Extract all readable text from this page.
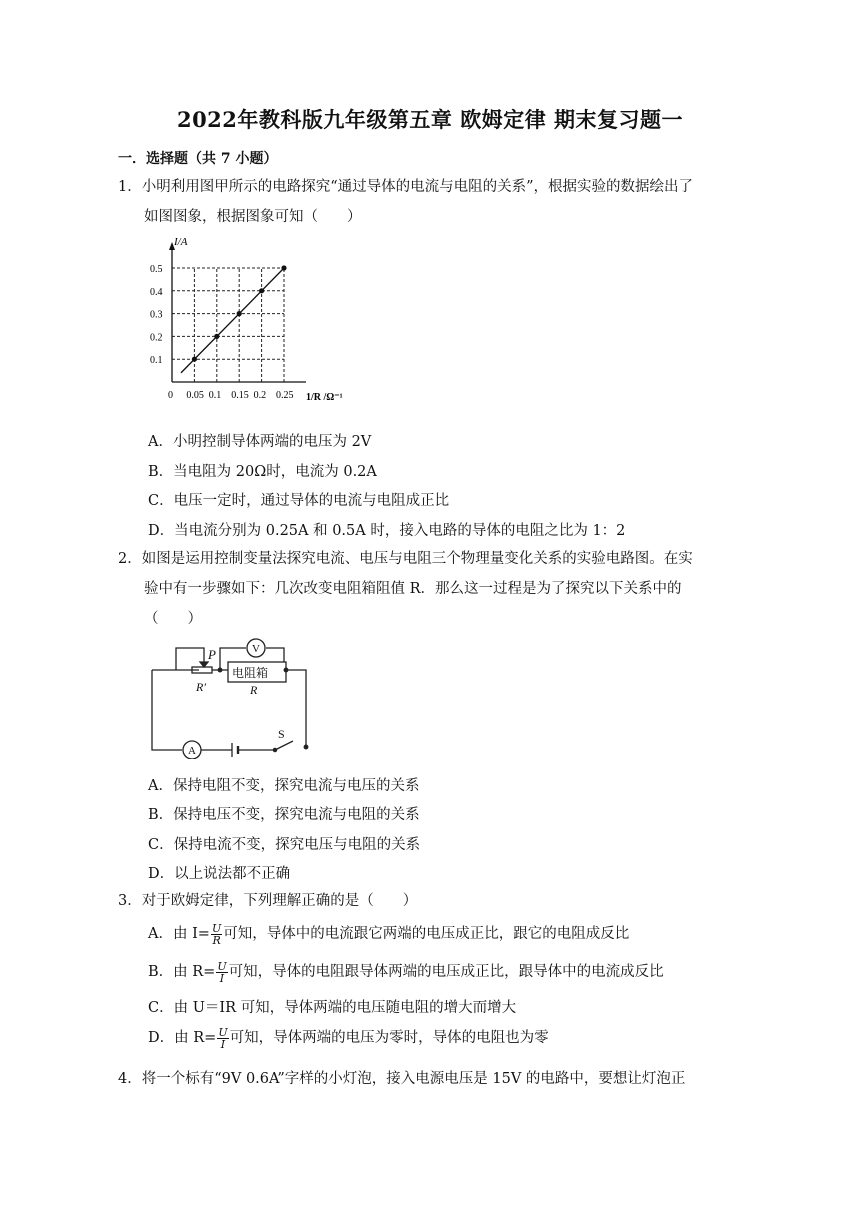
2022年教科版九年级第五章 欧姆定律 期末复习题一
一．选择题（共 7 小题）
1．小明利用图甲所示的电路探究“通过导体的电流与电阻的关系”，根据实验的数据绘出了
如图图象，根据图象可知（　　）
0.1
0.2
0.3
0.4
0.5
0 0.05 0.1 0.15 0.2 0.25
I/A
1/R /Ω⁻¹
A．小明控制导体两端的电压为 2V
B．当电阻为 20Ω时，电流为 0.2A
C．电压一定时，通过导体的电流与电阻成正比
D．当电流分别为 0.25A 和 0.5A 时，接入电路的导体的电阻之比为 1：2
2．如图是运用控制变量法探究电流、电压与电阻三个物理量变化关系的实验电路图。在实
验中有一步骤如下：几次改变电阻箱阻值 R．那么这一过程是为了探究以下关系中的
（　　）
P
R′
电阻箱
R
V
A
S
A．保持电阻不变，探究电流与电压的关系
B．保持电压不变，探究电流与电阻的关系
C．保持电流不变，探究电压与电阻的关系
D．以上说法都不正确
3．对于欧姆定律，下列理解正确的是（　　）
A．由 $I= \frac{U}{R}$ 可知，导体中的电流跟它两端的电压成正比，跟它的电阻成反比
B．由 $R= \frac{U}{I}$ 可知，导体的电阻跟导体两端的电压成正比，跟导体中的电流成反比
C．由 U＝IR 可知，导体两端的电压随电阻的增大而增大
D．由 $R= \frac{U}{I}$ 可知，导体两端的电压为零时，导体的电阻也为零
4．将一个标有“9V 0.6A”字样的小灯泡，接入电源电压是 15V 的电路中，要想让灯泡正
